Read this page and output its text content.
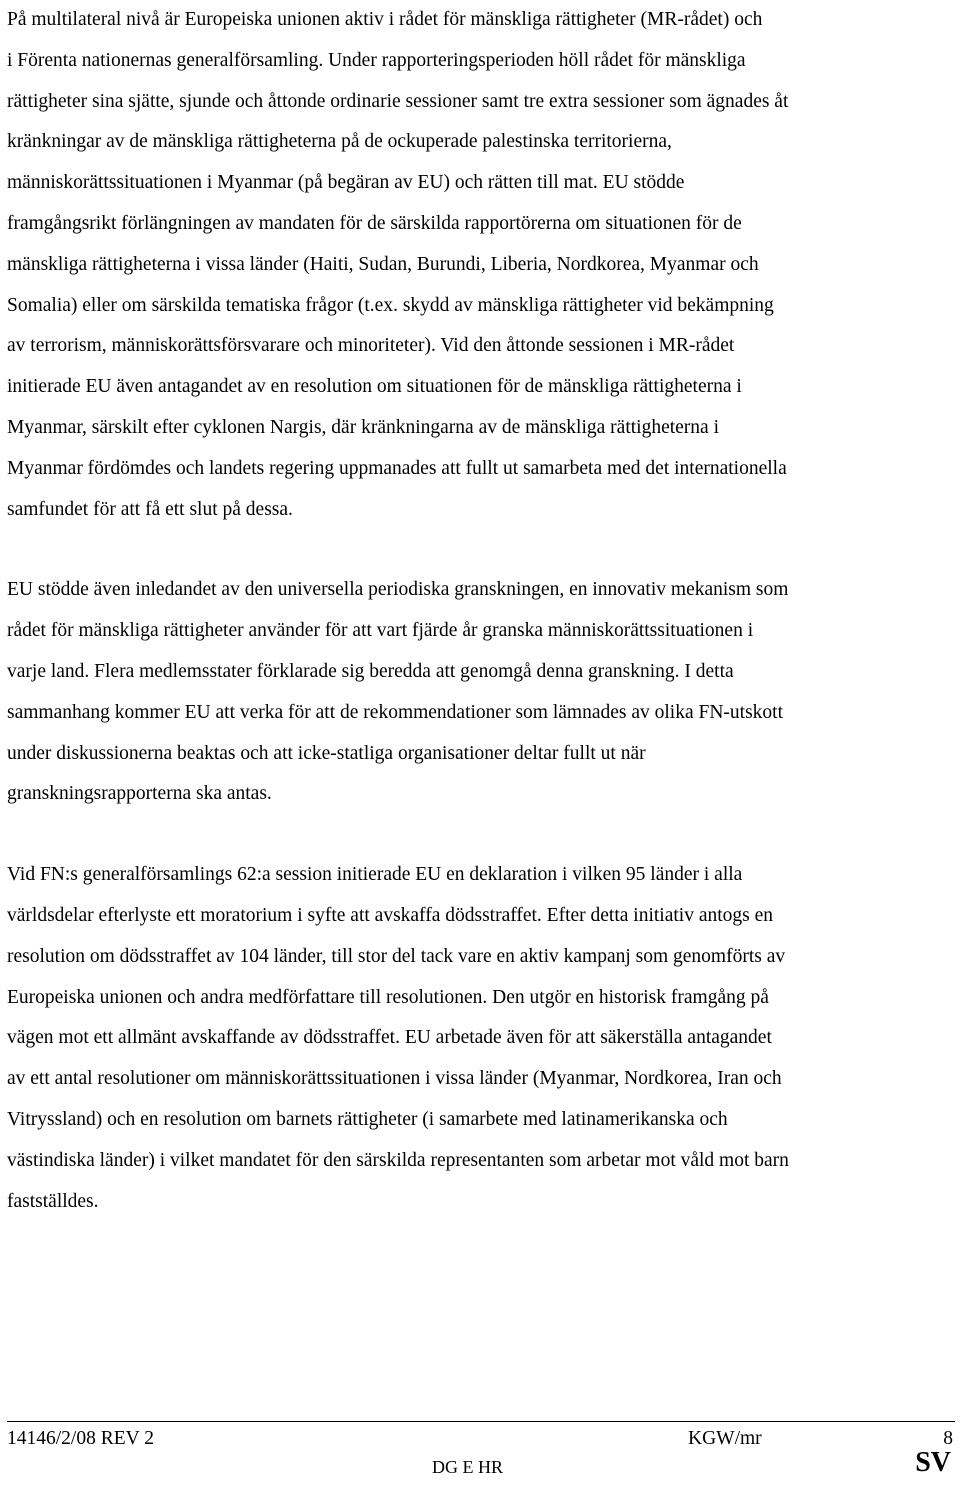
På multilateral nivå är Europeiska unionen aktiv i rådet för mänskliga rättigheter (MR-rådet) och
i Förenta nationernas generalförsamling. Under rapporteringsperioden höll rådet för mänskliga
rättigheter sina sjätte, sjunde och åttonde ordinarie sessioner samt tre extra sessioner som ägnades åt
kränkningar av de mänskliga rättigheterna på de ockuperade palestinska territorierna,
människorättssituationen i Myanmar (på begäran av EU) och rätten till mat. EU stödde
framgångsrikt förlängningen av mandaten för de särskilda rapportörerna om situationen för de
mänskliga rättigheterna i vissa länder (Haiti, Sudan, Burundi, Liberia, Nordkorea, Myanmar och
Somalia) eller om särskilda tematiska frågor (t.ex. skydd av mänskliga rättigheter vid bekämpning
av terrorism, människorättsförsvarare och minoriteter). Vid den åttonde sessionen i MR-rådet
initierade EU även antagandet av en resolution om situationen för de mänskliga rättigheterna i
Myanmar, särskilt efter cyklonen Nargis, där kränkningarna av de mänskliga rättigheterna i
Myanmar fördömdes och landets regering uppmanades att fullt ut samarbeta med det internationella
samfundet för att få ett slut på dessa.

EU stödde även inledandet av den universella periodiska granskningen, en innovativ mekanism som
rådet för mänskliga rättigheter använder för att vart fjärde år granska människorättssituationen i
varje land. Flera medlemsstater förklarade sig beredda att genomgå denna granskning. I detta
sammanhang kommer EU att verka för att de rekommendationer som lämnades av olika FN-utskott
under diskussionerna beaktas och att icke-statliga organisationer deltar fullt ut när
granskningsrapporterna ska antas.

Vid FN:s generalförsamlings 62:a session initierade EU en deklaration i vilken 95 länder i alla
världsdelar efterlyste ett moratorium i syfte att avskaffa dödsstraffet. Efter detta initiativ antogs en
resolution om dödsstraffet av 104 länder, till stor del tack vare en aktiv kampanj som genomförts av
Europeiska unionen och andra medförfattare till resolutionen. Den utgör en historisk framgång på
vägen mot ett allmänt avskaffande av dödsstraffet. EU arbetade även för att säkerställa antagandet
av ett antal resolutioner om människorättssituationen i vissa länder (Myanmar, Nordkorea, Iran och
Vitryssland) och en resolution om barnets rättigheter (i samarbete med latinamerikanska och
västindiska länder) i vilket mandatet för den särskilda representanten som arbetar mot våld mot barn
fastställdes.

14146/2/08 REV 2	KGW/mr	8
DG E HR	SV
